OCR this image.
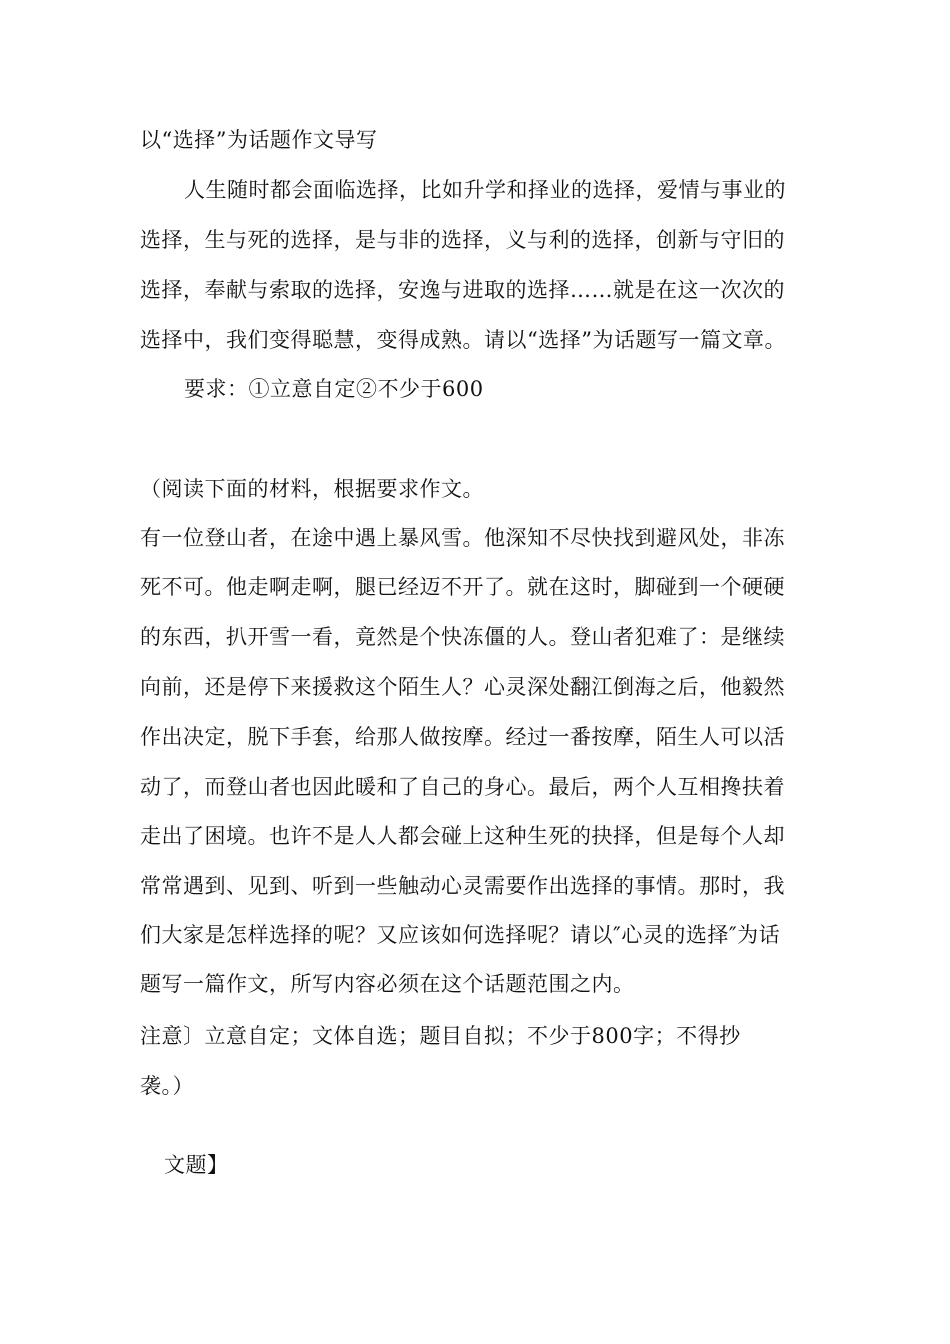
以“选择”为话题作文导写
人生随时都会面临选择，比如升学和择业的选择，爱情与事业的
选择，生与死的选择，是与非的选择，义与利的选择，创新与守旧的
选择，奉献与索取的选择，安逸与进取的选择……就是在这一次次的
选择中，我们变得聪慧，变得成熟。请以“选择”为话题写一篇文章。
要求：①立意自定②不少于600
（阅读下面的材料，根据要求作文。
有一位登山者，在途中遇上暴风雪。他深知不尽快找到避风处，非冻
死不可。他走啊走啊，腿已经迈不开了。就在这时，脚碰到一个硬硬
的东西，扒开雪一看，竟然是个快冻僵的人。登山者犯难了：是继续
向前，还是停下来援救这个陌生人？心灵深处翻江倒海之后，他毅然
作出决定，脱下手套，给那人做按摩。经过一番按摩，陌生人可以活
动了，而登山者也因此暖和了自己的身心。最后，两个人互相搀扶着
走出了困境。也许不是人人都会碰上这种生死的抉择，但是每个人却
常常遇到、见到、听到一些触动心灵需要作出选择的事情。那时，我
们大家是怎样选择的呢？又应该如何选择呢？请以″心灵的选择″为话
题写一篇作文，所写内容必须在这个话题范围之内。
注意〕立意自定；文体自选；题目自拟；不少于800字；不得抄
袭。）
文题】
